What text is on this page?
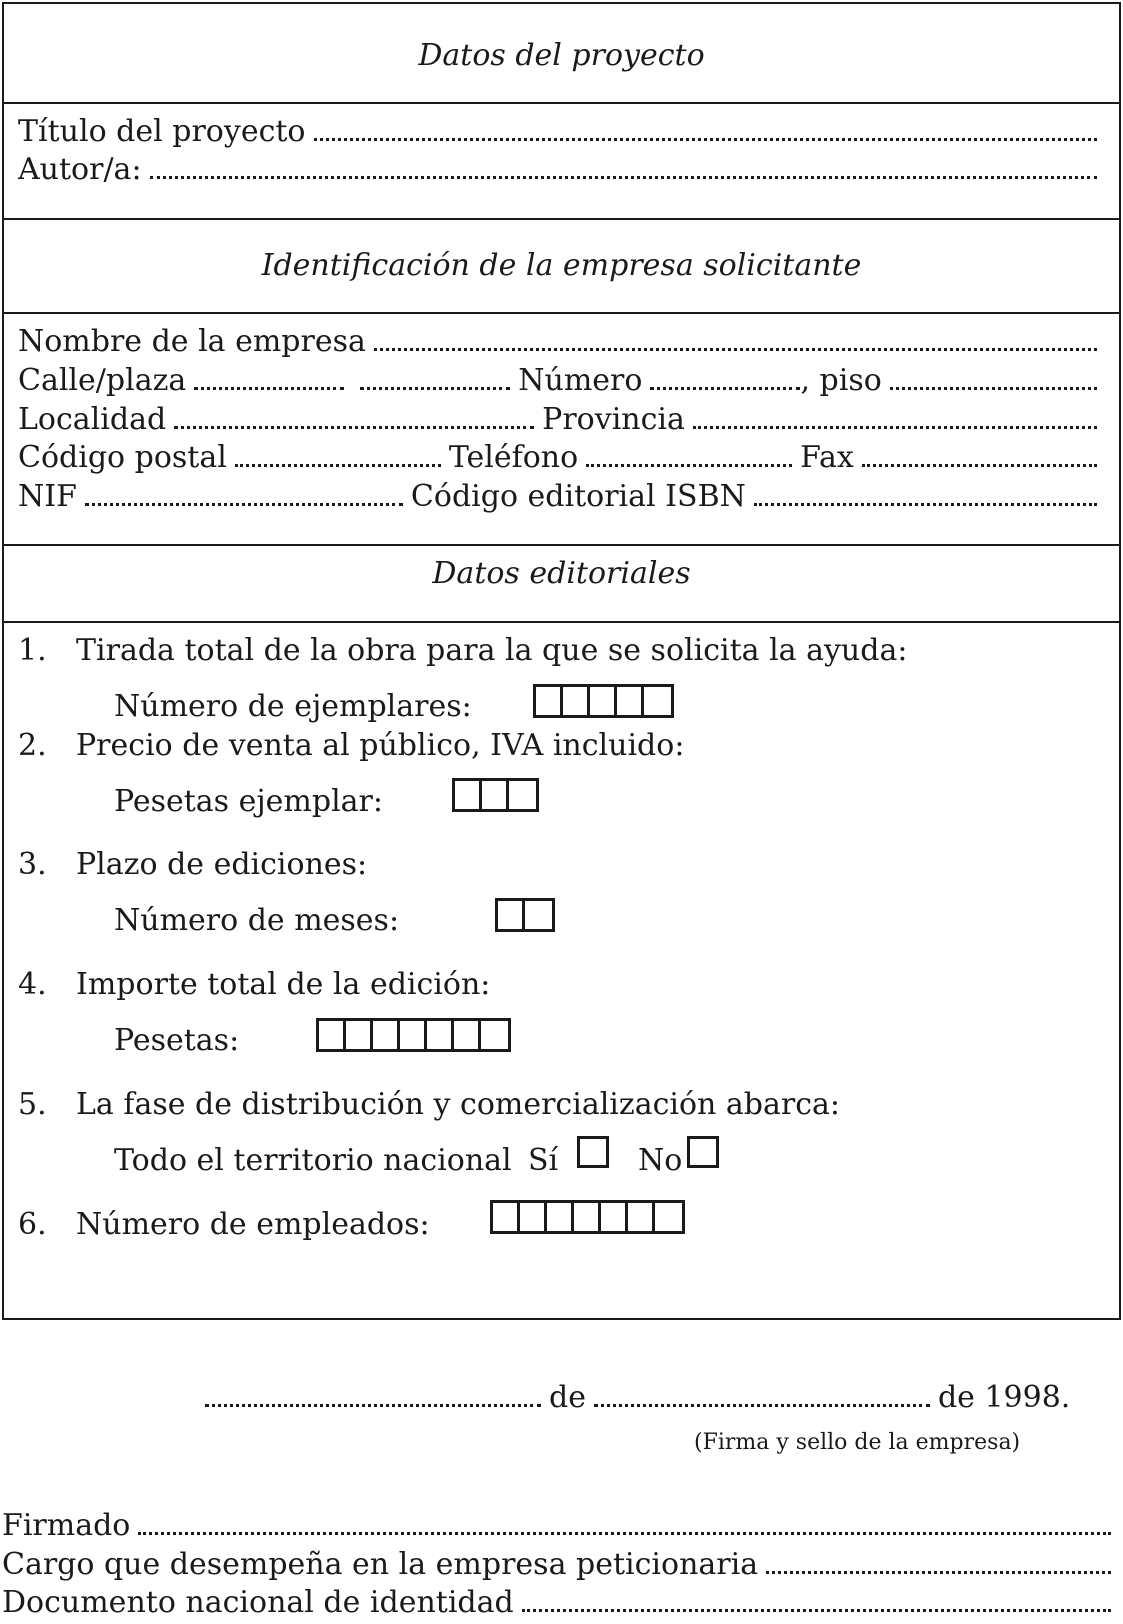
Datos del proyecto
Título del proyecto
Autor/a:
Identificación de la empresa solicitante
Nombre de la empresa
Calle/plaza	Número	, piso
Localidad	Provincia
Código postal	Teléfono	Fax
NIF	Código editorial ISBN
Datos editoriales
1. Tirada total de la obra para la que se solicita la ayuda:
Número de ejemplares:
2. Precio de venta al público, IVA incluido:
Pesetas ejemplar:
3. Plazo de ediciones:
Número de meses:
4. Importe total de la edición:
Pesetas:
5. La fase de distribución y comercialización abarca:
Todo el territorio nacional Sí	No
6. Número de empleados:
de	de 1998.
(Firma y sello de la empresa)
Firmado
Cargo que desempeña en la empresa peticionaria
Documento nacional de identidad
